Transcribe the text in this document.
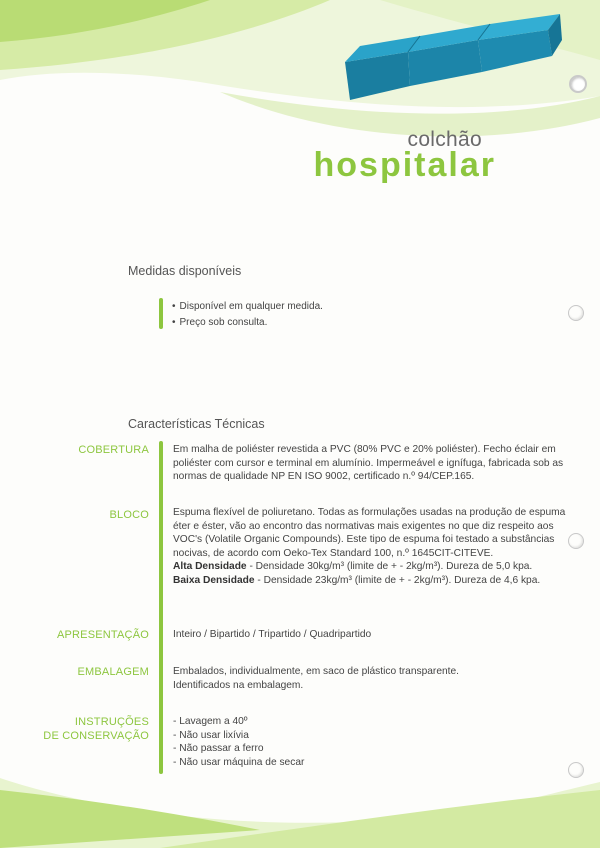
colchão
hospitalar
Medidas disponíveis
• Disponível em qualquer medida.
• Preço sob consulta.
Características Técnicas
COBERTURA Em malha de poliéster revestida a PVC (80% PVC e 20% poliéster). Fecho éclair em poliéster com cursor e terminal em alumínio. Impermeável e ignífuga, fabricada sob as normas de qualidade NP EN ISO 9002, certificado n.º 94/CEP.165.
BLOCO Espuma flexível de poliuretano. Todas as formulações usadas na produção de espuma éter e éster, vão ao encontro das normativas mais exigentes no que diz respeito aos VOC's (Volatile Organic Compounds). Este tipo de espuma foi testado a substâncias nocivas, de acordo com Oeko-Tex Standard 100, n.º 1645CIT-CITEVE.
Alta Densidade - Densidade 30kg/m³ (limite de + - 2kg/m³). Dureza de 5,0 kpa.
Baixa Densidade - Densidade 23kg/m³ (limite de + - 2kg/m³). Dureza de 4,6 kpa.
APRESENTAÇÃO Inteiro / Bipartido / Tripartido / Quadripartido
EMBALAGEM Embalados, individualmente, em saco de plástico transparente.
Identificados na embalagem.
INSTRUÇÕES
DE CONSERVAÇÃO
- Lavagem a 40º
- Não usar lixívia
- Não passar a ferro
- Não usar máquina de secar
